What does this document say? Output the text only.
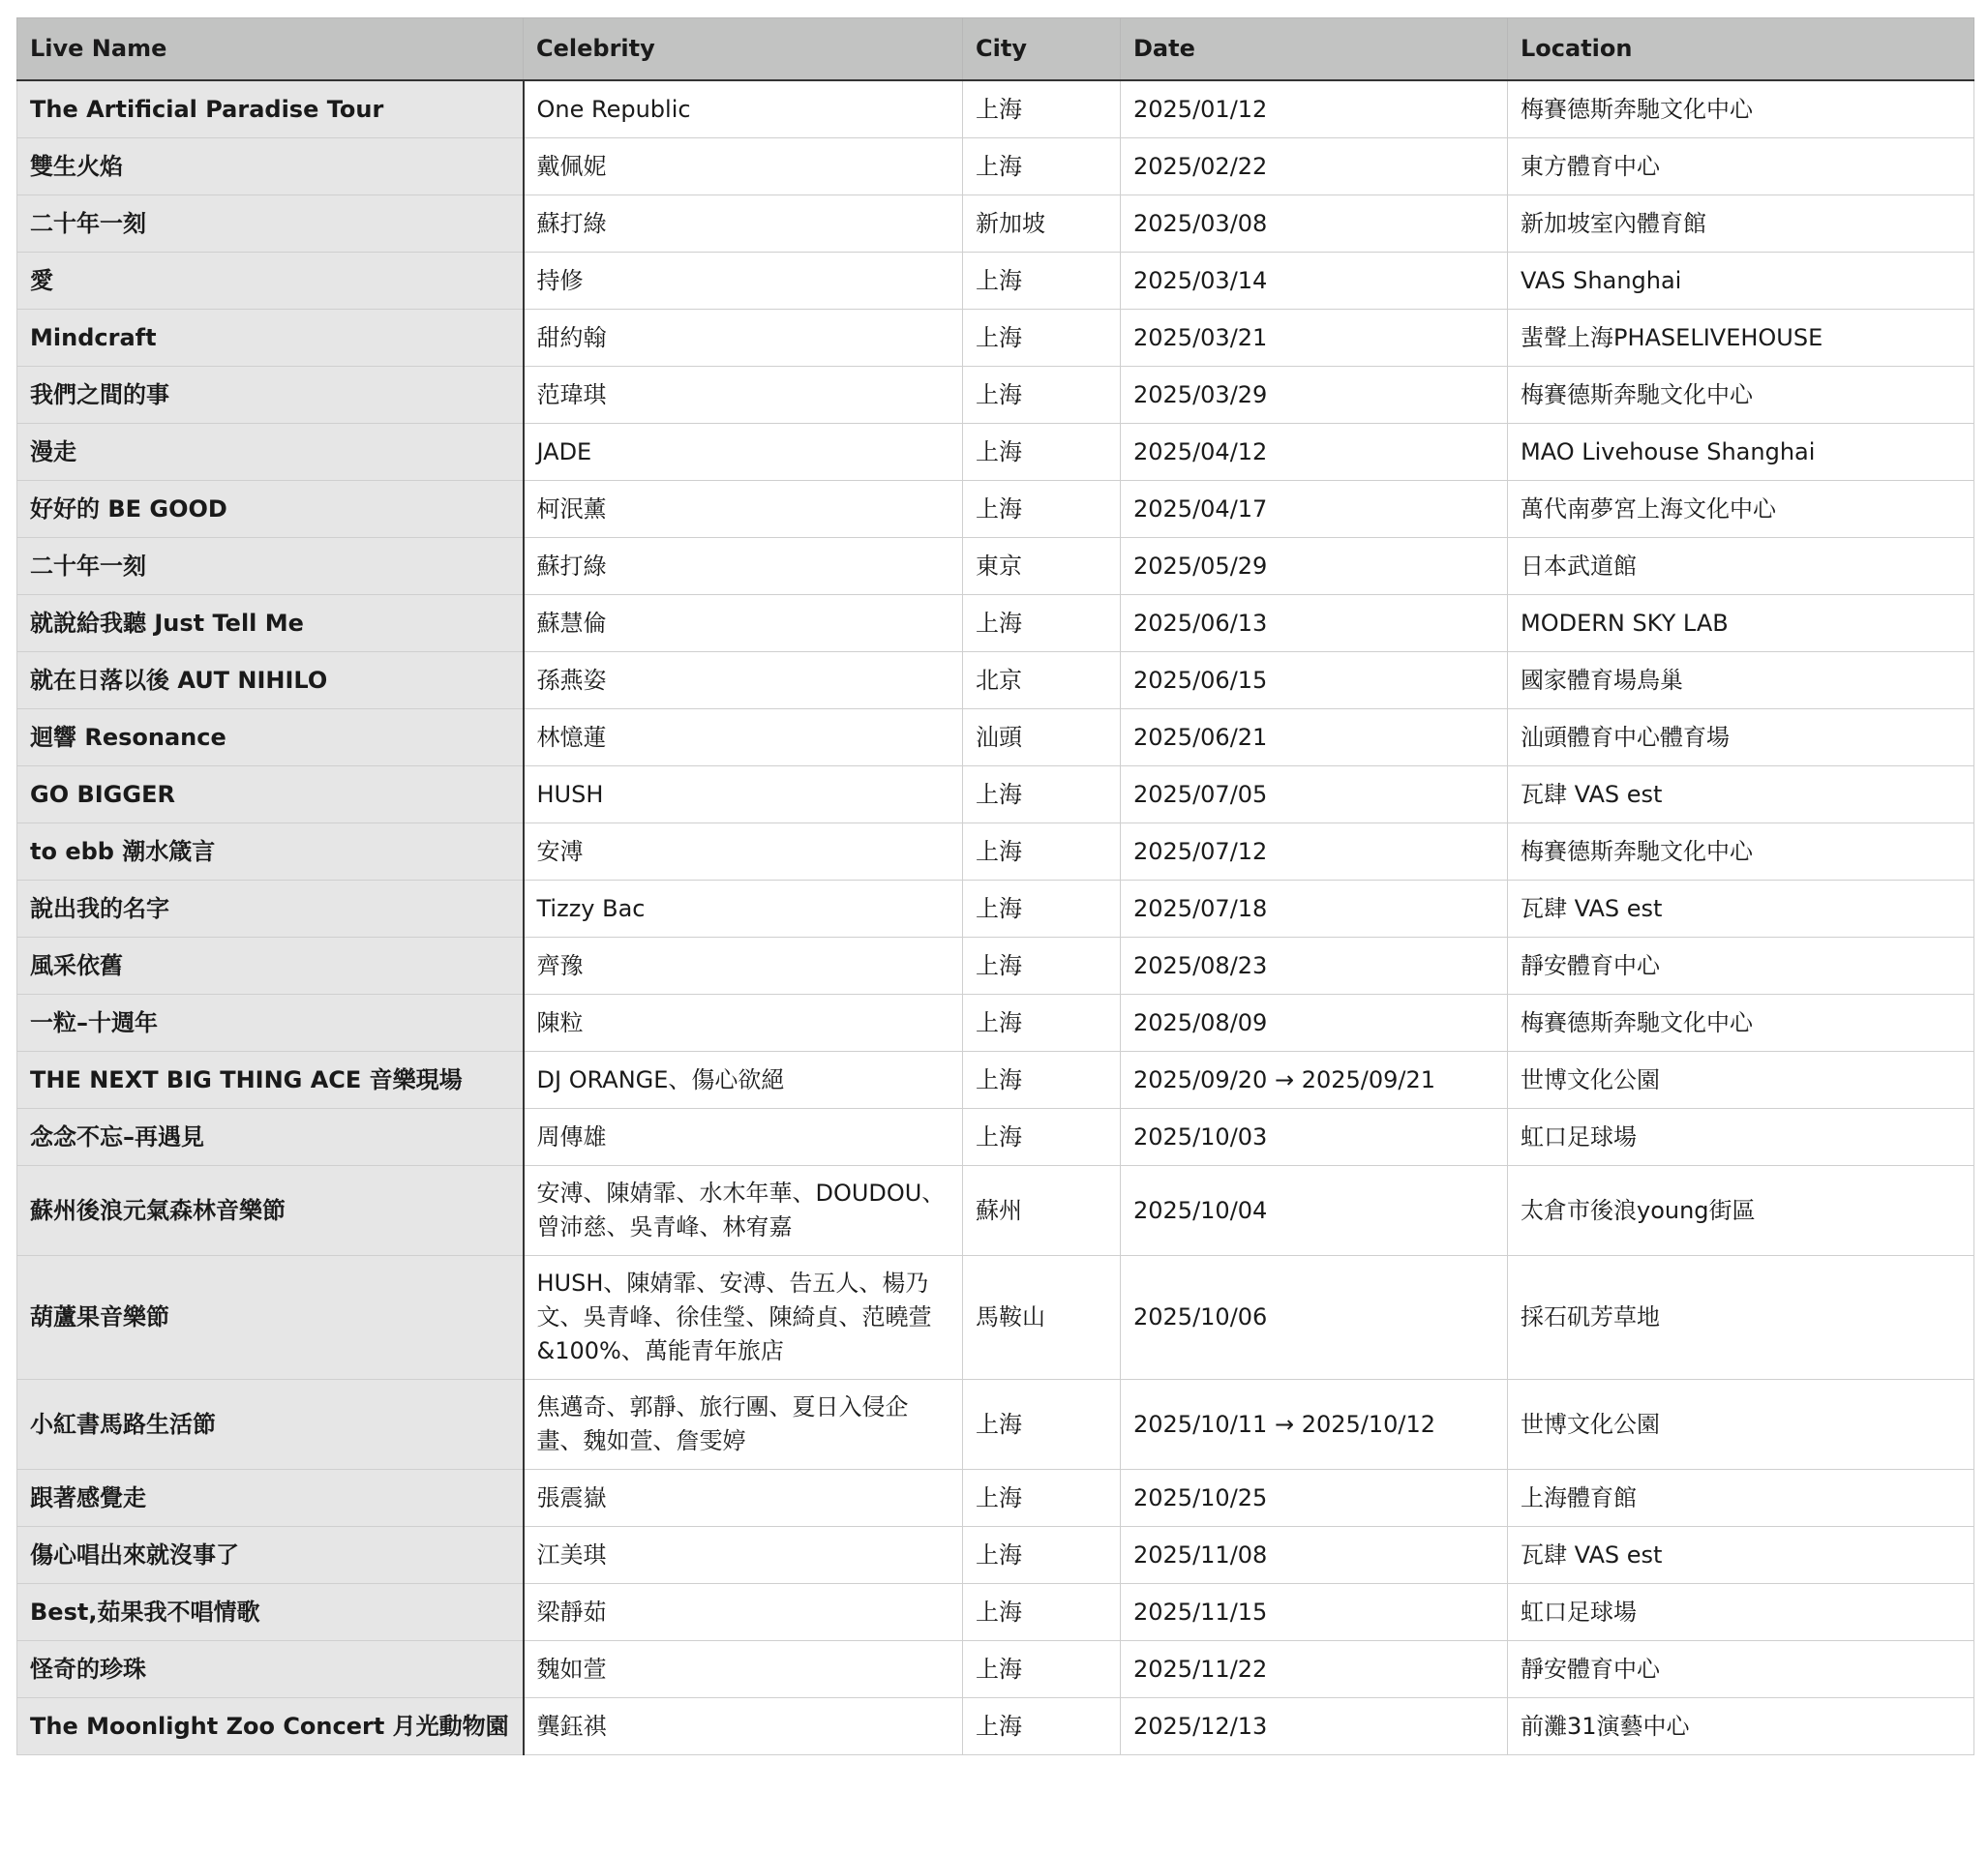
Live Name	Celebrity	City	Date	Location
The Artificial Paradise Tour	One Republic	上海	2025/01/12	梅賽德斯奔馳文化中心
雙生火焰	戴佩妮	上海	2025/02/22	東方體育中心
二十年一刻	蘇打綠	新加坡	2025/03/08	新加坡室內體育館
愛	持修	上海	2025/03/14	VAS Shanghai
Mindcraft	甜約翰	上海	2025/03/21	蜚聲上海PHASELIVEHOUSE
我們之間的事	范瑋琪	上海	2025/03/29	梅賽德斯奔馳文化中心
漫走	JADE	上海	2025/04/12	MAO Livehouse Shanghai
好好的 BE GOOD	柯泯薰	上海	2025/04/17	萬代南夢宮上海文化中心
二十年一刻	蘇打綠	東京	2025/05/29	日本武道館
就說給我聽 Just Tell Me	蘇慧倫	上海	2025/06/13	MODERN SKY LAB
就在日落以後 AUT NIHILO	孫燕姿	北京	2025/06/15	國家體育場鳥巢
迴響 Resonance	林憶蓮	汕頭	2025/06/21	汕頭體育中心體育場
GO BIGGER	HUSH	上海	2025/07/05	瓦肆 VAS est
to ebb 潮水箴言	安溥	上海	2025/07/12	梅賽德斯奔馳文化中心
說出我的名字	Tizzy Bac	上海	2025/07/18	瓦肆 VAS est
風采依舊	齊豫	上海	2025/08/23	靜安體育中心
一粒–十週年	陳粒	上海	2025/08/09	梅賽德斯奔馳文化中心
THE NEXT BIG THING ACE 音樂現場	DJ ORANGE、傷心欲絕	上海	2025/09/20 → 2025/09/21	世博文化公園
念念不忘–再遇見	周傳雄	上海	2025/10/03	虹口足球場
蘇州後浪元氣森林音樂節	安溥、陳婧霏、水木年華、DOUDOU、曾沛慈、吳青峰、林宥嘉	蘇州	2025/10/04	太倉市後浪young街區
葫蘆果音樂節	HUSH、陳婧霏、安溥、告五人、楊乃文、吳青峰、徐佳瑩、陳綺貞、范曉萱&100%、萬能青年旅店	馬鞍山	2025/10/06	採石矶芳草地
小紅書馬路生活節	焦邁奇、郭靜、旅行團、夏日入侵企畫、魏如萱、詹雯婷	上海	2025/10/11 → 2025/10/12	世博文化公園
跟著感覺走	張震嶽	上海	2025/10/25	上海體育館
傷心唱出來就沒事了	江美琪	上海	2025/11/08	瓦肆 VAS est
Best,茹果我不唱情歌	梁靜茹	上海	2025/11/15	虹口足球場
怪奇的珍珠	魏如萱	上海	2025/11/22	靜安體育中心
The Moonlight Zoo Concert 月光動物園	龔鈺祺	上海	2025/12/13	前灘31演藝中心
